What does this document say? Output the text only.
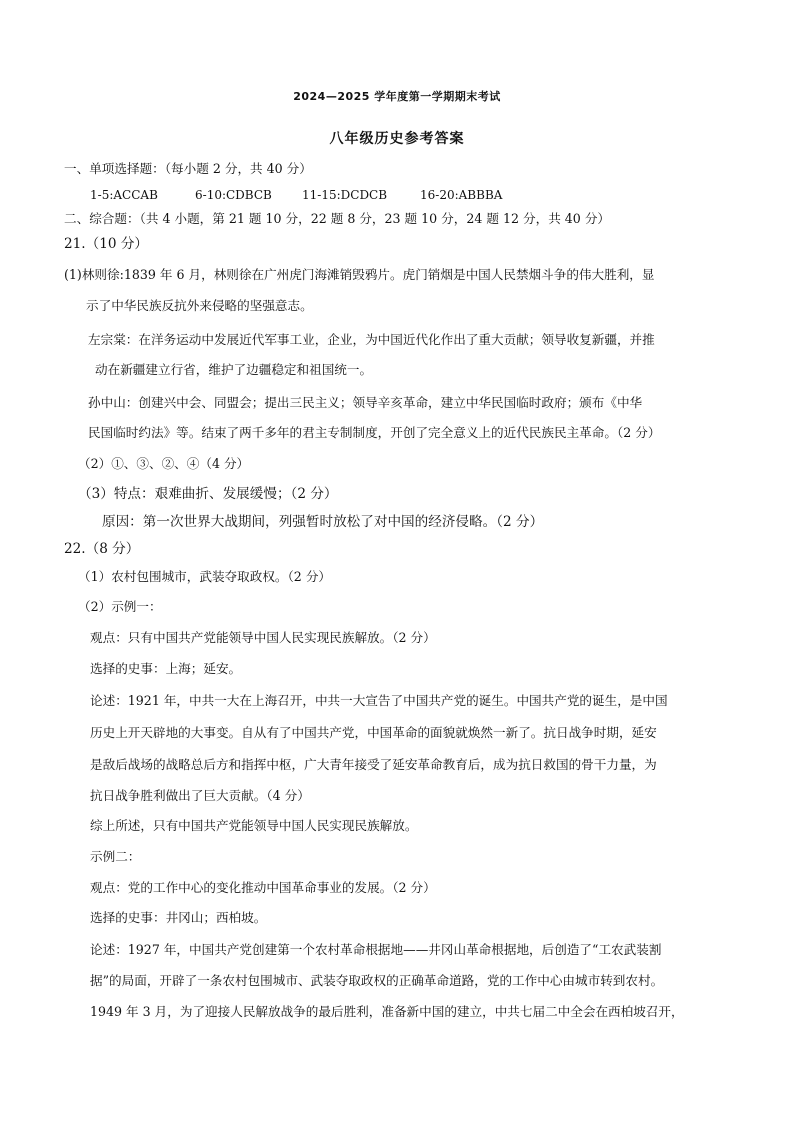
2024—2025 学年度第一学期期末考试
八年级历史参考答案
一、单项选择题：（每小题 2 分，共 40 分）
1-5:ACCAB	6-10:CDBCB	11-15:DCDCB	16-20:ABBBA
二、综合题：（共 4 小题，第 21 题 10 分，22 题 8 分，23 题 10 分，24 题 12 分，共 40 分）
21.（10 分）
(1)林则徐:1839 年 6 月，林则徐在广州虎门海滩销毁鸦片。虎门销烟是中国人民禁烟斗争的伟大胜利，显
示了中华民族反抗外来侵略的坚强意志。
左宗棠：在洋务运动中发展近代军事工业，企业，为中国近代化作出了重大贡献；领导收复新疆，并推
动在新疆建立行省，维护了边疆稳定和祖国统一。
孙中山：创建兴中会、同盟会；提出三民主义；领导辛亥革命，建立中华民国临时政府；颁布《中华
民国临时约法》等。结束了两千多年的君主专制制度，开创了完全意义上的近代民族民主革命。（2 分）
（2）①、③、②、④（4 分）
（3）特点：艰难曲折、发展缓慢；（2 分）
原因：第一次世界大战期间，列强暂时放松了对中国的经济侵略。（2 分）
22.（8 分）
（1）农村包围城市，武装夺取政权。（2 分）
（2）示例一：
观点：只有中国共产党能领导中国人民实现民族解放。（2 分）
选择的史事：上海；延安。
论述：1921 年，中共一大在上海召开，中共一大宣告了中国共产党的诞生。中国共产党的诞生，是中国
历史上开天辟地的大事变。自从有了中国共产党，中国革命的面貌就焕然一新了。抗日战争时期，延安
是敌后战场的战略总后方和指挥中枢，广大青年接受了延安革命教育后，成为抗日救国的骨干力量，为
抗日战争胜利做出了巨大贡献。（4 分）
综上所述，只有中国共产党能领导中国人民实现民族解放。
示例二：
观点：党的工作中心的变化推动中国革命事业的发展。（2 分）
选择的史事：井冈山；西柏坡。
论述：1927 年，中国共产党创建第一个农村革命根据地——井冈山革命根据地，后创造了“工农武装割
据”的局面，开辟了一条农村包围城市、武装夺取政权的正确革命道路，党的工作中心由城市转到农村。
1949 年 3 月，为了迎接人民解放战争的最后胜利，准备新中国的建立，中共七届二中全会在西柏坡召开，
